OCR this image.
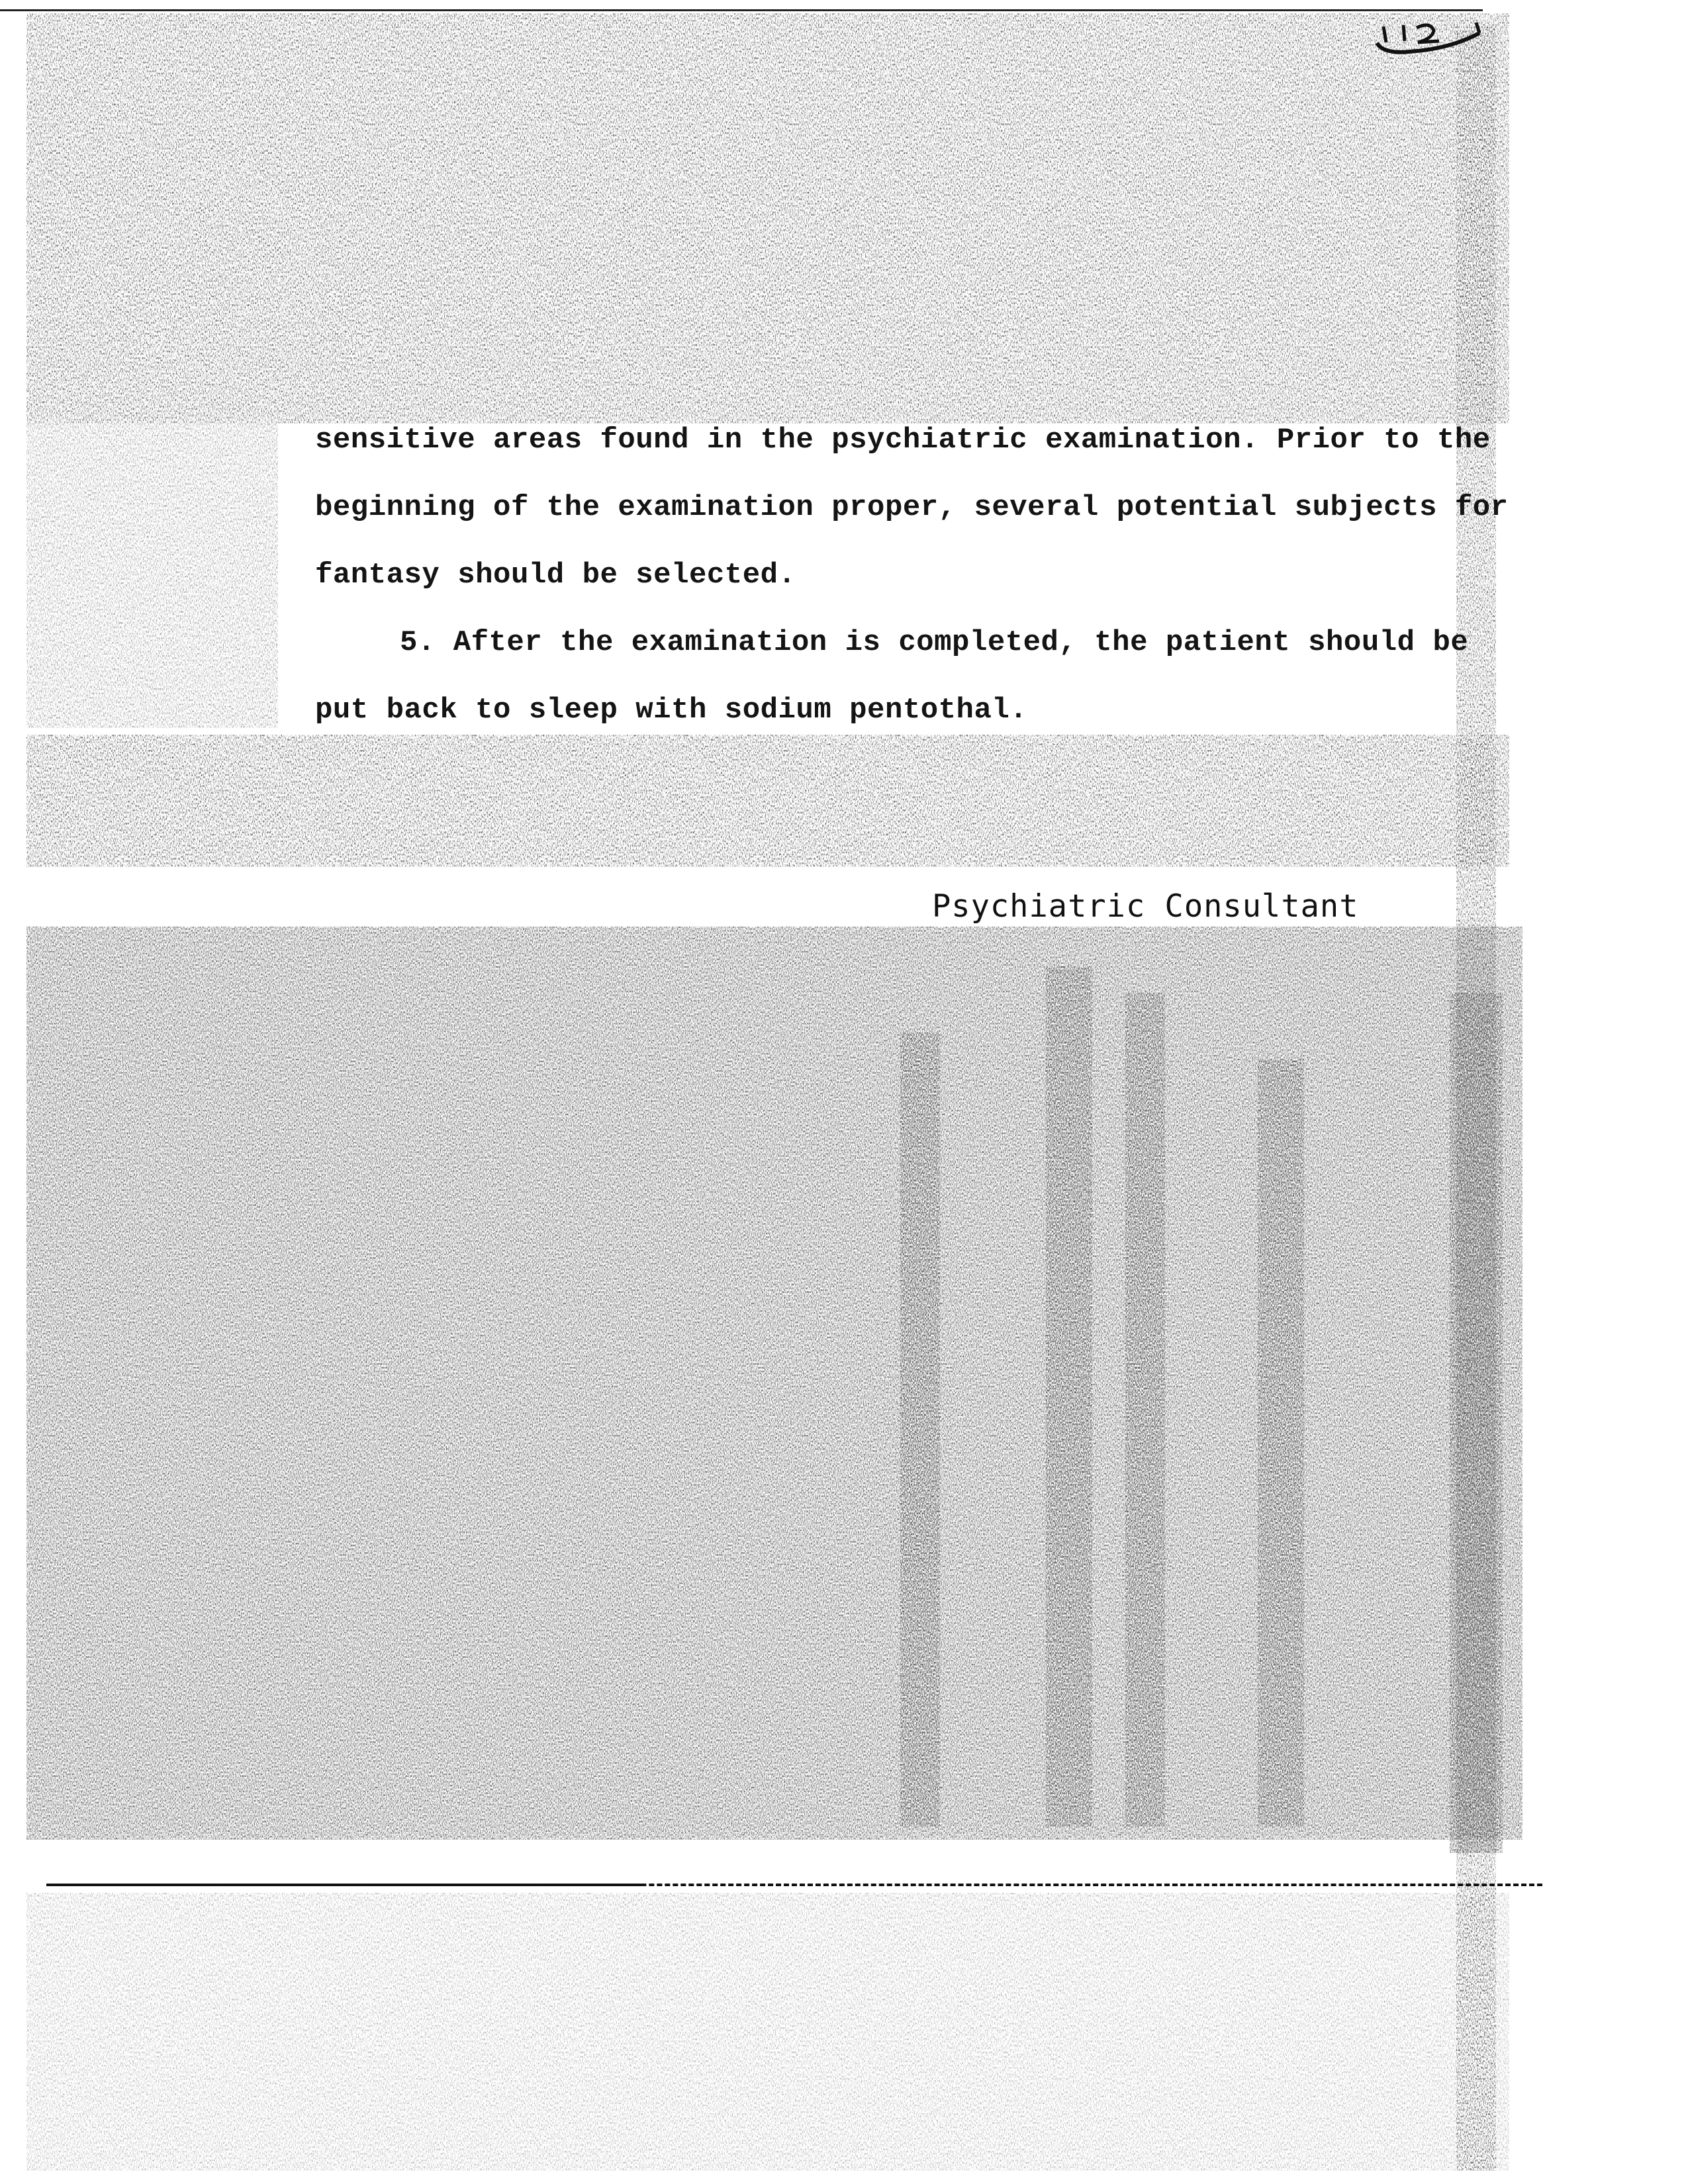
sensitive areas found in the psychiatric examination. Prior to the
beginning of the examination proper, several potential subjects for
fantasy should be selected.
5. After the examination is completed, the patient should be
put back to sleep with sodium pentothal.
Psychiatric Consultant
